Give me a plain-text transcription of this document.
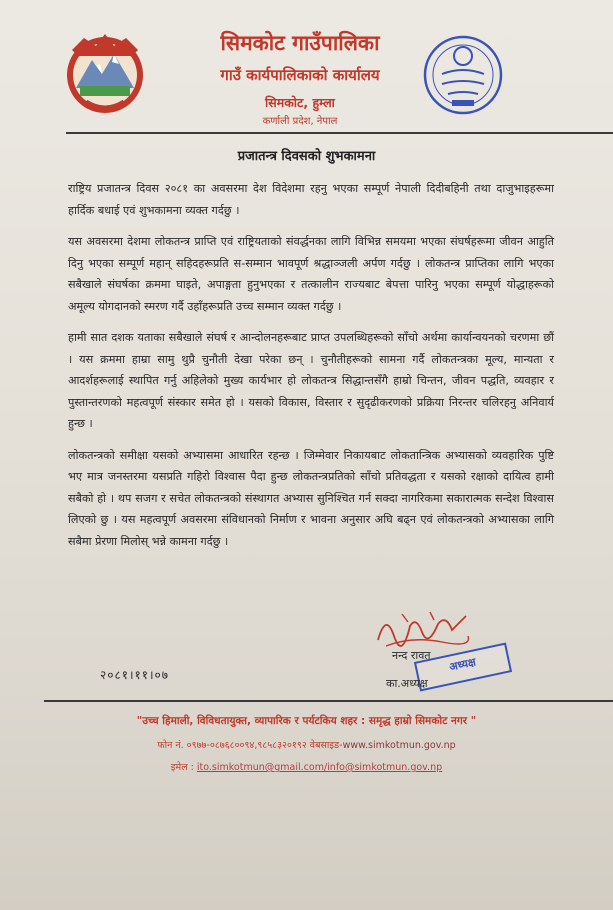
सिमकोट गाउँपालिका
गाउँ कार्यपालिकाको कार्यालय
सिमकोट, हुम्ला
कर्णाली प्रदेश, नेपाल
प्रजातन्त्र दिवसको शुभकामना

राष्ट्रिय प्रजातन्त्र दिवस २०८१ का अवसरमा देश विदेशमा रहनु भएका सम्पूर्ण नेपाली दिदीबहिनी तथा दाजुभाइहरूमा हार्दिक बधाई एवं शुभकामना व्यक्त गर्दछु ।

यस अवसरमा देशमा लोकतन्त्र प्राप्ति एवं राष्ट्रियताको संवर्द्धनका लागि विभिन्न समयमा भएका संघर्षहरूमा जीवन आहुति दिनु भएका सम्पूर्ण महान् सहिदहरूप्रति स-सम्मान भावपूर्ण श्रद्धाञ्जली अर्पण गर्दछु । लोकतन्त्र प्राप्तिका लागि भएका सबैखाले संघर्षका क्रममा घाइते, अपाङ्गता हुनुभएका र तत्कालीन राज्यबाट बेपत्ता पारिनु भएका सम्पूर्ण योद्धाहरूको अमूल्य योगदानको स्मरण गर्दै उहाँहरूप्रति उच्च सम्मान व्यक्त गर्दछु ।

हामी सात दशक यताका सबैखाले संघर्ष र आन्दोलनहरूबाट प्राप्त उपलब्धिहरूको साँचो अर्थमा कार्यान्वयनको चरणमा छौं । यस क्रममा हाम्रा सामु थुप्रै चुनौती देखा परेका छन् । चुनौतीहरूको सामना गर्दै लोकतन्त्रका मूल्य, मान्यता र आदर्शहरूलाई स्थापित गर्नु अहिलेको मुख्य कार्यभार हो लोकतन्त्र सिद्धान्तसँगै हाम्रो चिन्तन, जीवन पद्धति, व्यवहार र पुस्तान्तरणको महत्वपूर्ण संस्कार समेत हो । यसको विकास, विस्तार र सुदृढीकरणको प्रक्रिया निरन्तर चलिरहनु अनिवार्य हुन्छ ।

लोकतन्त्रको समीक्षा यसको अभ्यासमा आधारित रहन्छ । जिम्मेवार निकायबाट लोकतान्त्रिक अभ्यासको व्यवहारिक पुष्टि भए मात्र जनस्तरमा यसप्रति गहिरो विश्वास पैदा हुन्छ लोकतन्त्रप्रतिको साँचो प्रतिवद्धता र यसको रक्षाको दायित्व हामी सबैको हो । थप सजग र सचेत लोकतन्त्रको संस्थागत अभ्यास सुनिश्चित गर्न सक्दा नागरिकमा सकारात्मक सन्देश विश्वास लिएको छु । यस महत्वपूर्ण अवसरमा संविधानको निर्माण र भावना अनुसार अघि बढ्न एवं लोकतन्त्रको अभ्यासका लागि सबैमा प्रेरणा मिलोस् भन्ने कामना गर्दछु ।

नन्द रावत	अध्यक्ष
का.अध्यक्ष
२०८१।११।०७
"उच्च हिमाली, विविधतायुक्त, व्यापारिक र पर्यटकिय शहर : समृद्ध हाम्रो सिमकोट नगर "
फोन नं. ०९७७-०८७६८००९४,९८५८३२०१९२ वेबसाइड-www.simkotmun.gov.np
इमेल : ito.simkotmun@gmail.com/info@simkotmun.gov.np
